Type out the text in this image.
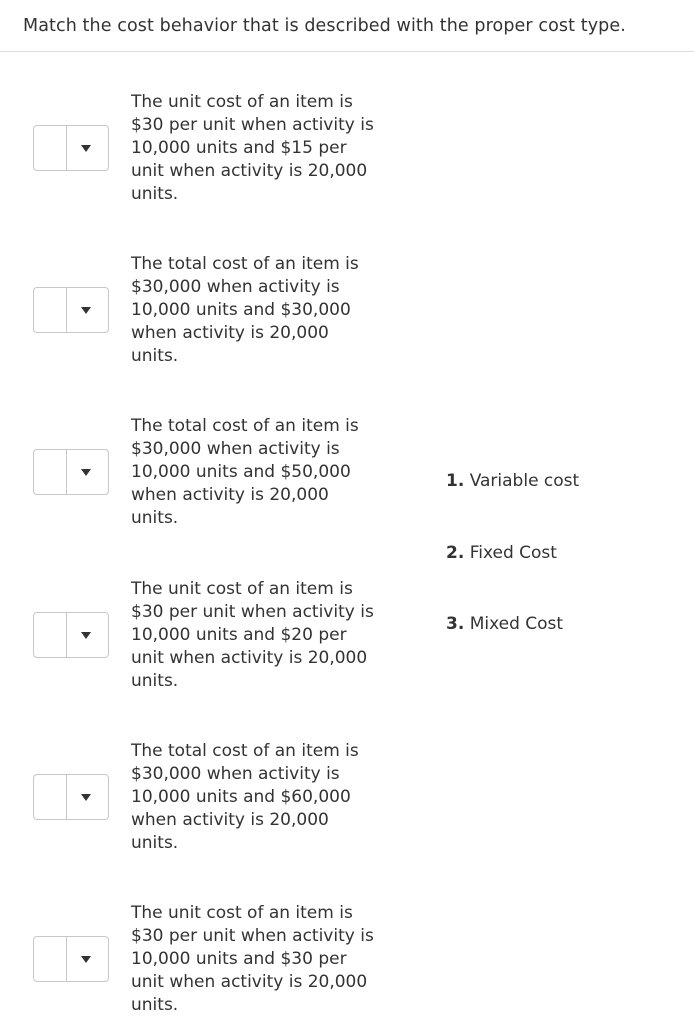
Match the cost behavior that is described with the proper cost type.
The unit cost of an item is
$30 per unit when activity is
10,000 units and $15 per
unit when activity is 20,000
units.
The total cost of an item is
$30,000 when activity is
10,000 units and $30,000
when activity is 20,000
units.
The total cost of an item is
$30,000 when activity is
10,000 units and $50,000
when activity is 20,000
units.
The unit cost of an item is
$30 per unit when activity is
10,000 units and $20 per
unit when activity is 20,000
units.
The total cost of an item is
$30,000 when activity is
10,000 units and $60,000
when activity is 20,000
units.
The unit cost of an item is
$30 per unit when activity is
10,000 units and $30 per
unit when activity is 20,000
units.
1. Variable cost
2. Fixed Cost
3. Mixed Cost
